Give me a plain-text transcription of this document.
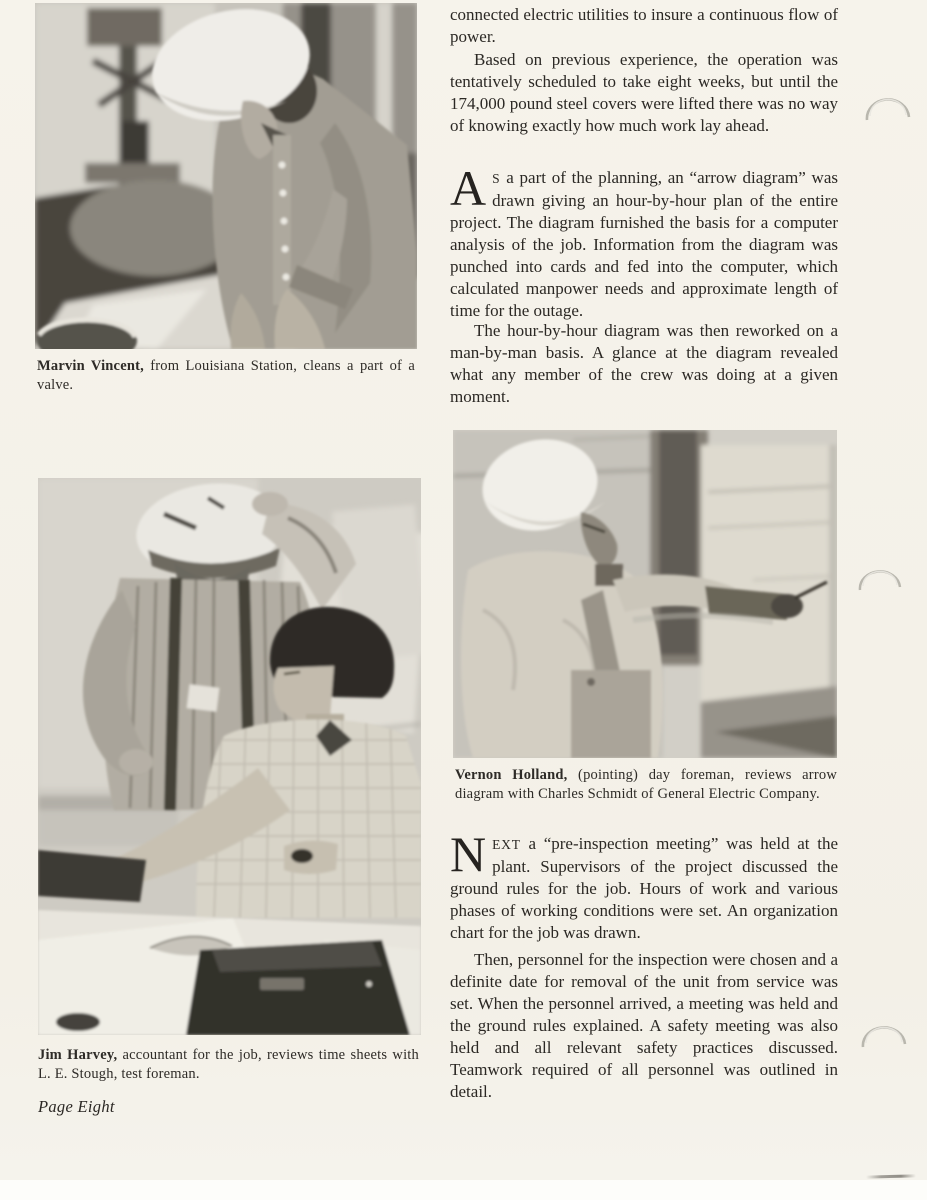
Marvin Vincent, from Louisiana Station, cleans a part of a valve.
Jim Harvey, accountant for the job, reviews time sheets with L. E. Stough, test foreman.
Page Eight
connected electric utilities to insure a continuous flow of power.
Based on previous experience, the operation was tentatively scheduled to take eight weeks, but until the 174,000 pound steel covers were lifted there was no way of knowing exactly how much work lay ahead.
AS a part of the planning, an “arrow diagram” was drawn giving an hour-by-hour plan of the entire project. The diagram furnished the basis for a computer analysis of the job. Information from the diagram was punched into cards and fed into the computer, which calculated manpower needs and approximate length of time for the outage.
The hour-by-hour diagram was then reworked on a man-by-man basis. A glance at the diagram revealed what any member of the crew was doing at a given moment.
Vernon Holland, (pointing) day foreman, reviews arrow diagram with Charles Schmidt of General Electric Company.
NEXT a “pre-inspection meeting” was held at the plant. Supervisors of the project discussed the ground rules for the job. Hours of work and various phases of working conditions were set. An organization chart for the job was drawn.
Then, personnel for the inspection were chosen and a definite date for removal of the unit from service was set. When the personnel arrived, a meeting was held and the ground rules explained. A safety meeting was also held and all relevant safety practices discussed. Teamwork required of all personnel was outlined in detail.
